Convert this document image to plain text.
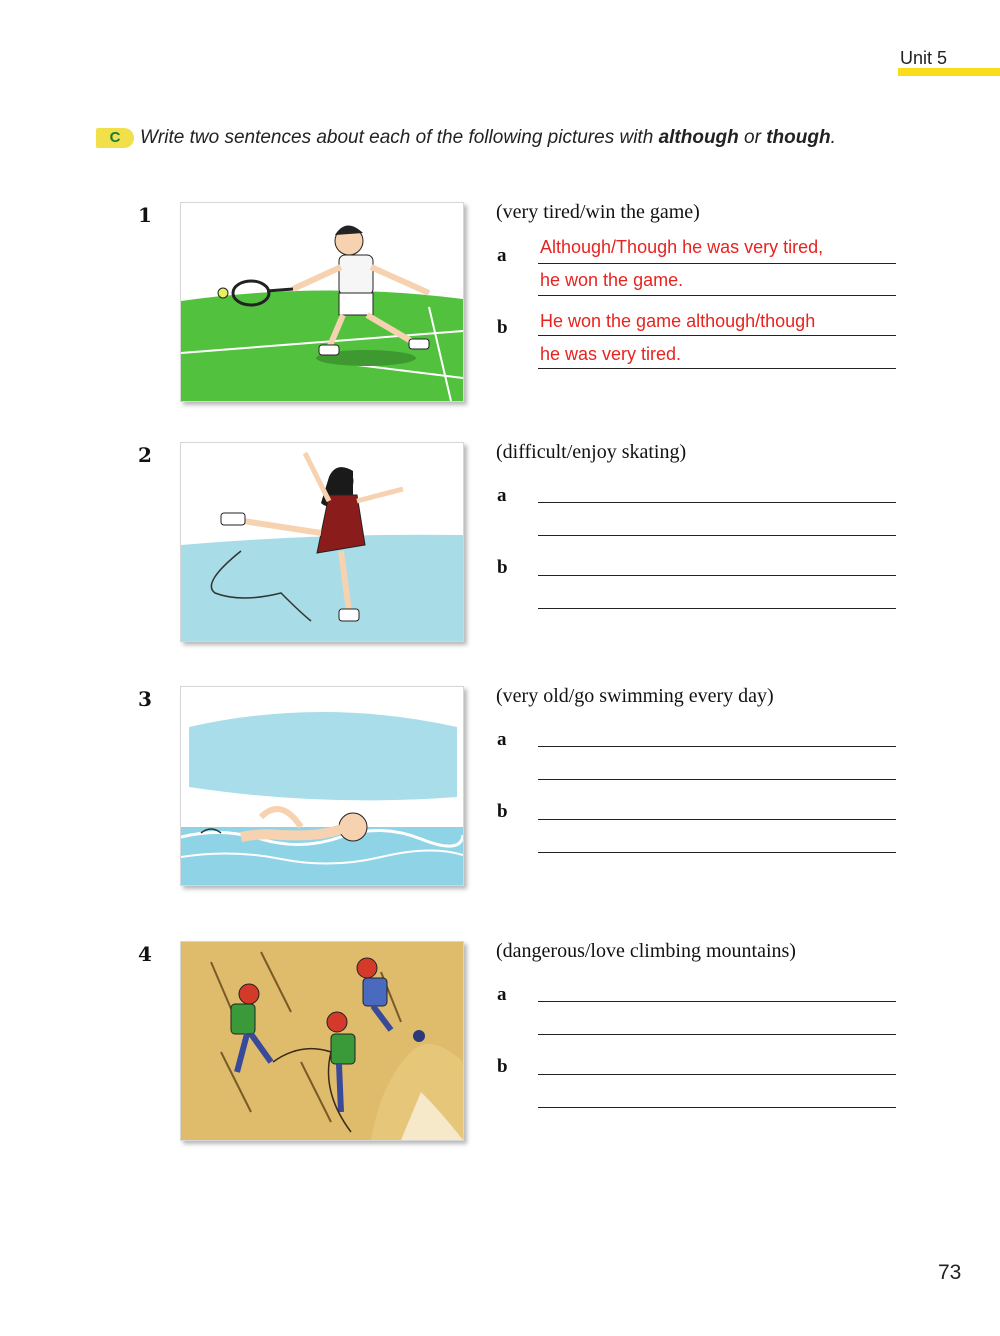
Unit 5
C	Write two sentences about each of the following pictures with although or though.
1	(very tired/win the game)
a Although/Though he was very tired,
he won the game.
b He won the game although/though
he was very tired.
2	(difficult/enjoy skating)
a
b
3	(very old/go swimming every day)
a
b
4	(dangerous/love climbing mountains)
a
b
73
